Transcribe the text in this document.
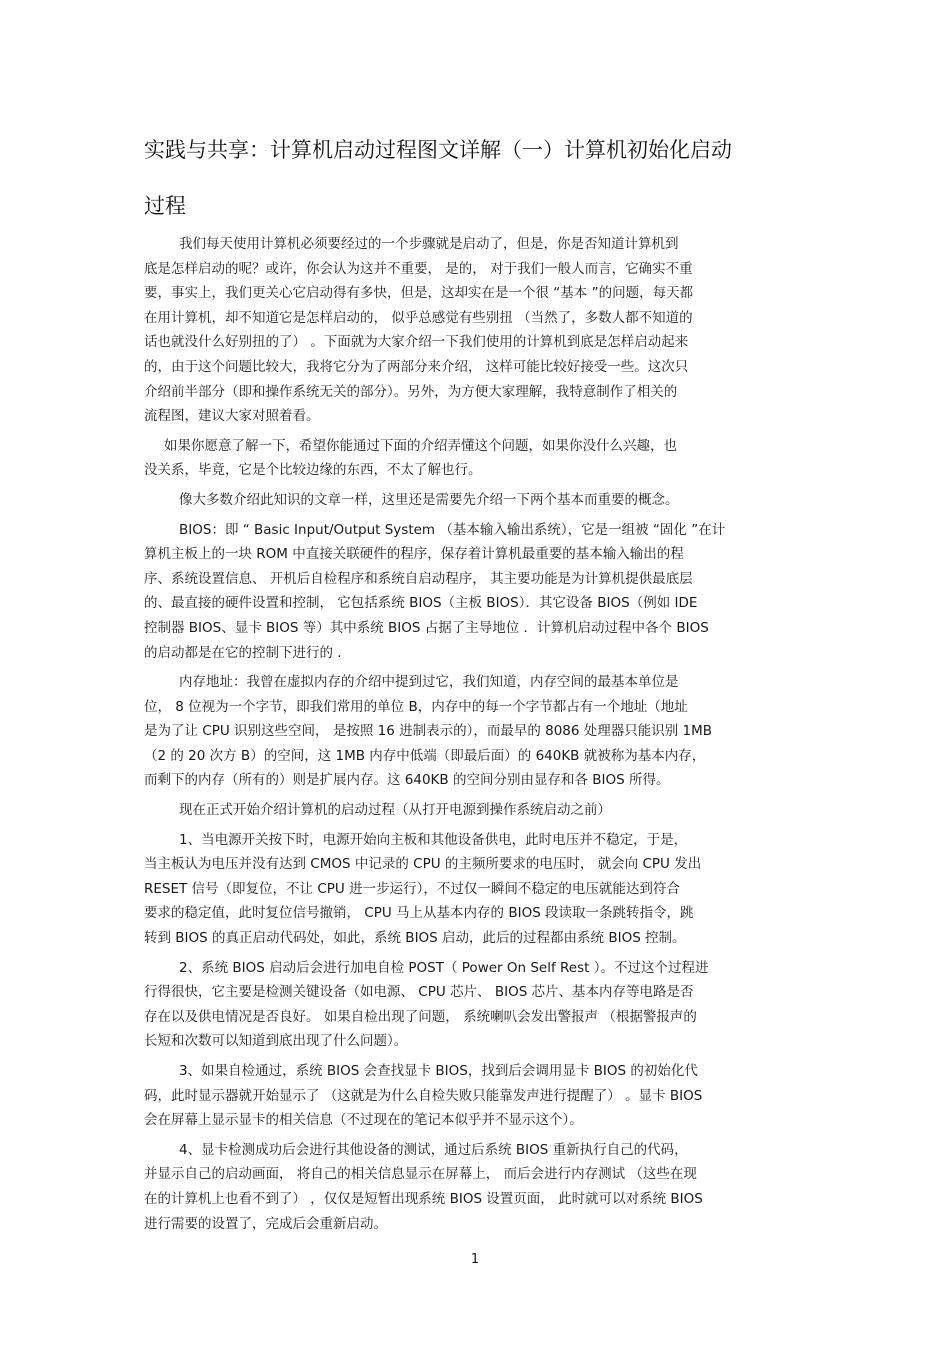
实践与共享：计算机启动过程图文详解（一）计算机初始化启动
过程
我们每天使用计算机必须要经过的一个步骤就是启动了，但是，你是否知道计算机到
底是怎样启动的呢？或许，你会认为这并不重要， 是的， 对于我们一般人而言，它确实不重
要，事实上，我们更关心它启动得有多快，但是，这却实在是一个很 “基本 ”的问题，每天都
在用计算机，却不知道它是怎样启动的， 似乎总感觉有些别扭 （当然了，多数人都不知道的
话也就没什么好别扭的了） 。下面就为大家介绍一下我们使用的计算机到底是怎样启动起来
的，由于这个问题比较大，我将它分为了两部分来介绍， 这样可能比较好接受一些。这次只
介绍前半部分（即和操作系统无关的部分）。另外，为方便大家理解，我特意制作了相关的
流程图，建议大家对照着看。
如果你愿意了解一下，希望你能通过下面的介绍弄懂这个问题，如果你没什么兴趣，也
没关系，毕竟，它是个比较边缘的东西，不太了解也行。
像大多数介绍此知识的文章一样，这里还是需要先介绍一下两个基本而重要的概念。
BIOS：即 “ Basic Input/Output System （基本输入输出系统），它是一组被 “固化 ”在计
算机主板上的一块 ROM 中直接关联硬件的程序，保存着计算机最重要的基本输入输出的程
序、系统设置信息、 开机后自检程序和系统自启动程序， 其主要功能是为计算机提供最底层
的、最直接的硬件设置和控制， 它包括系统 BIOS（主板 BIOS）．其它设备 BIOS（例如 IDE
控制器 BIOS、显卡 BIOS 等）其中系统 BIOS 占据了主导地位 ．计算机启动过程中各个 BIOS
的启动都是在它的控制下进行的 .
内存地址：我曾在虚拟内存的介绍中提到过它，我们知道，内存空间的最基本单位是
位， 8 位视为一个字节，即我们常用的单位 B，内存中的每一个字节都占有一个地址（地址
是为了让 CPU 识别这些空间， 是按照 16 进制表示的），而最早的 8086 处理器只能识别 1MB
（2 的 20 次方 B）的空间，这 1MB 内存中低端（即最后面）的 640KB 就被称为基本内存，
而剩下的内存（所有的）则是扩展内存。这 640KB 的空间分别由显存和各 BIOS 所得。
现在正式开始介绍计算机的启动过程（从打开电源到操作系统启动之前）
1、当电源开关按下时，电源开始向主板和其他设备供电，此时电压并不稳定，于是，
当主板认为电压并没有达到 CMOS 中记录的 CPU 的主频所要求的电压时， 就会向 CPU 发出
RESET 信号（即复位，不让 CPU 进一步运行），不过仅一瞬间不稳定的电压就能达到符合
要求的稳定值，此时复位信号撤销， CPU 马上从基本内存的 BIOS 段读取一条跳转指令，跳
转到 BIOS 的真正启动代码处，如此，系统 BIOS 启动，此后的过程都由系统 BIOS 控制。
2、系统 BIOS 启动后会进行加电自检 POST（ Power On Self Rest ）。不过这个过程进
行得很快，它主要是检测关键设备（如电源、 CPU 芯片、 BIOS 芯片、基本内存等电路是否
存在以及供电情况是否良好。 如果自检出现了问题， 系统喇叭会发出警报声 （根据警报声的
长短和次数可以知道到底出现了什么问题）。
3、如果自检通过，系统 BIOS 会查找显卡 BIOS，找到后会调用显卡 BIOS 的初始化代
码，此时显示器就开始显示了 （这就是为什么自检失败只能靠发声进行提醒了） 。显卡 BIOS
会在屏幕上显示显卡的相关信息（不过现在的笔记本似乎并不显示这个）。
4、显卡检测成功后会进行其他设备的测试，通过后系统 BIOS 重新执行自己的代码，
并显示自己的启动画面， 将自己的相关信息显示在屏幕上， 而后会进行内存测试 （这些在现
在的计算机上也看不到了） ，仅仅是短暂出现系统 BIOS 设置页面， 此时就可以对系统 BIOS
进行需要的设置了，完成后会重新启动。
1
